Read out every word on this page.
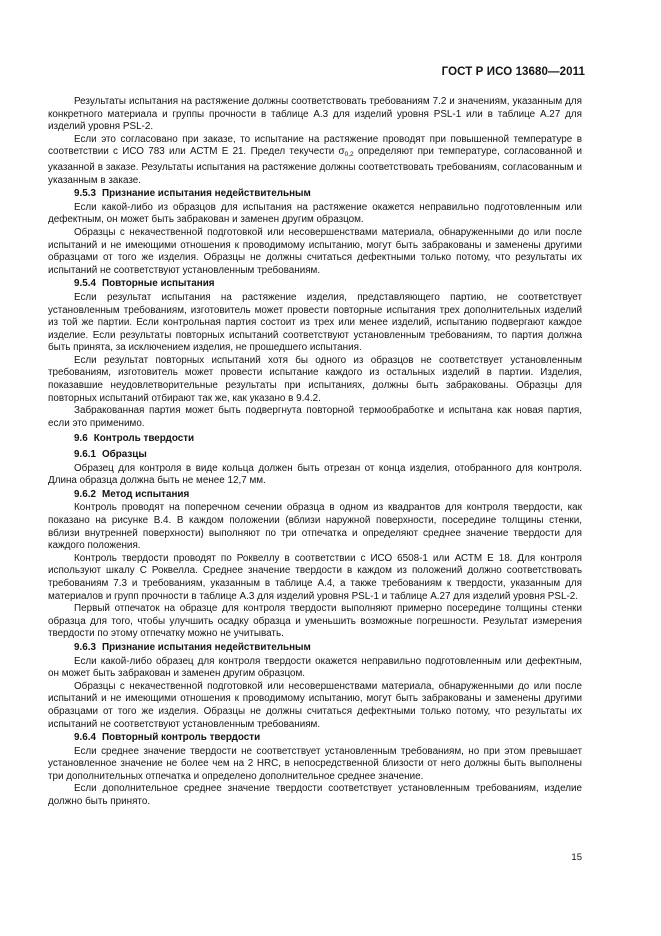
ГОСТ Р ИСО 13680—2011

Результаты испытания на растяжение должны соответствовать требованиям 7.2 и значениям, указанным для конкретного материала и группы прочности в таблице А.3 для изделий уровня PSL-1 или в таблице А.27 для изделий уровня PSL-2.

Если это согласовано при заказе, то испытание на растяжение проводят при повышенной температуре в соответствии с ИСО 783 или АСТМ Е 21. Предел текучести $\sigma_{0,2}$ определяют при температуре, согласованной и указанной в заказе. Результаты испытания на растяжение должны соответствовать требованиям, согласованным и указанным в заказе.

9.5.3 Признание испытания недействительным

Если какой-либо из образцов для испытания на растяжение окажется неправильно подготовленным или дефектным, он может быть забракован и заменен другим образцом.

Образцы с некачественной подготовкой или несовершенствами материала, обнаруженными до или после испытаний и не имеющими отношения к проводимому испытанию, могут быть забракованы и заменены другими образцами от того же изделия. Образцы не должны считаться дефектными только потому, что результаты их испытаний не соответствуют установленным требованиям.

9.5.4 Повторные испытания

Если результат испытания на растяжение изделия, представляющего партию, не соответствует установленным требованиям, изготовитель может провести повторные испытания трех дополнительных изделий из той же партии. Если контрольная партия состоит из трех или менее изделий, испытанию подвергают каждое изделие. Если результаты повторных испытаний соответствуют установленным требованиям, то партия должна быть принята, за исключением изделия, не прошедшего испытания.

Если результат повторных испытаний хотя бы одного из образцов не соответствует установленным требованиям, изготовитель может провести испытание каждого из остальных изделий в партии. Изделия, показавшие неудовлетворительные результаты при испытаниях, должны быть забракованы. Образцы для повторных испытаний отбирают так же, как указано в 9.4.2.

Забракованная партия может быть подвергнута повторной термообработке и испытана как новая партия, если это применимо.

9.6 Контроль твердости
9.6.1 Образцы

Образец для контроля в виде кольца должен быть отрезан от конца изделия, отобранного для контроля. Длина образца должна быть не менее 12,7 мм.

9.6.2 Метод испытания

Контроль проводят на поперечном сечении образца в одном из квадрантов для контроля твердости, как показано на рисунке В.4. В каждом положении (вблизи наружной поверхности, посередине толщины стенки, вблизи внутренней поверхности) выполняют по три отпечатка и определяют среднее значение твердости для каждого положения.

Контроль твердости проводят по Роквеллу в соответствии с ИСО 6508-1 или АСТМ Е 18. Для контроля используют шкалу С Роквелла. Среднее значение твердости в каждом из положений должно соответствовать требованиям 7.3 и требованиям, указанным в таблице А.4, а также требованиям к твердости, указанным для материалов и групп прочности в таблице А.3 для изделий уровня PSL-1 и таблице А.27 для изделий уровня PSL-2.

Первый отпечаток на образце для контроля твердости выполняют примерно посередине толщины стенки образца для того, чтобы улучшить осадку образца и уменьшить возможные погрешности. Результат измерения твердости по этому отпечатку можно не учитывать.

9.6.3 Признание испытания недействительным

Если какой-либо образец для контроля твердости окажется неправильно подготовленным или дефектным, он может быть забракован и заменен другим образцом.

Образцы с некачественной подготовкой или несовершенствами материала, обнаруженными до или после испытаний и не имеющими отношения к проводимому испытанию, могут быть забракованы и заменены другими образцами от того же изделия. Образцы не должны считаться дефектными только потому, что результаты их испытаний не соответствуют установленным требованиям.

9.6.4 Повторный контроль твердости

Если среднее значение твердости не соответствует установленным требованиям, но при этом превышает установленное значение не более чем на 2 HRC, в непосредственной близости от него должны быть выполнены три дополнительных отпечатка и определено дополнительное среднее значение.

Если дополнительное среднее значение твердости соответствует установленным требованиям, изделие должно быть принято.

15
